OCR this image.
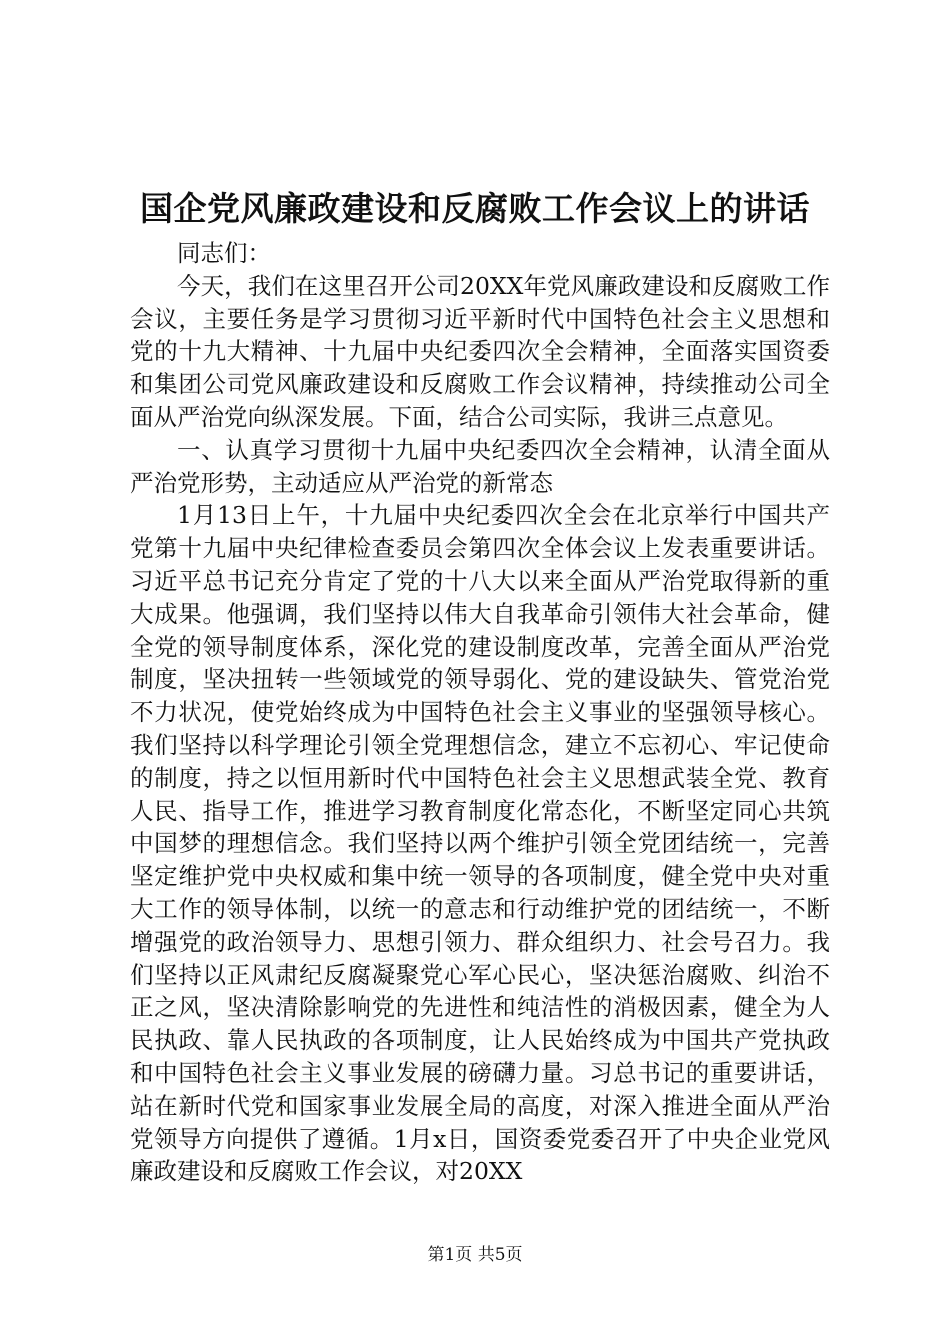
国企党风廉政建设和反腐败工作会议上的讲话

同志们：

今天，我们在这里召开公司20XX年党风廉政建设和反腐败工作会议，主要任务是学习贯彻习近平新时代中国特色社会主义思想和党的十九大精神、十九届中央纪委四次全会精神，全面落实国资委和集团公司党风廉政建设和反腐败工作会议精神，持续推动公司全面从严治党向纵深发展。下面，结合公司实际，我讲三点意见。

一、认真学习贯彻十九届中央纪委四次全会精神，认清全面从严治党形势，主动适应从严治党的新常态

1月13日上午，十九届中央纪委四次全会在北京举行中国共产党第十九届中央纪律检查委员会第四次全体会议上发表重要讲话。习近平总书记充分肯定了党的十八大以来全面从严治党取得新的重大成果。他强调，我们坚持以伟大自我革命引领伟大社会革命，健全党的领导制度体系，深化党的建设制度改革，完善全面从严治党制度，坚决扭转一些领域党的领导弱化、党的建设缺失、管党治党不力状况，使党始终成为中国特色社会主义事业的坚强领导核心。我们坚持以科学理论引领全党理想信念，建立不忘初心、牢记使命的制度，持之以恒用新时代中国特色社会主义思想武装全党、教育人民、指导工作，推进学习教育制度化常态化，不断坚定同心共筑中国梦的理想信念。我们坚持以两个维护引领全党团结统一，完善坚定维护党中央权威和集中统一领导的各项制度，健全党中央对重大工作的领导体制，以统一的意志和行动维护党的团结统一，不断增强党的政治领导力、思想引领力、群众组织力、社会号召力。我们坚持以正风肃纪反腐凝聚党心军心民心，坚决惩治腐败、纠治不正之风，坚决清除影响党的先进性和纯洁性的消极因素，健全为人民执政、靠人民执政的各项制度，让人民始终成为中国共产党执政和中国特色社会主义事业发展的磅礴力量。习总书记的重要讲话，站在新时代党和国家事业发展全局的高度，对深入推进全面从严治党领导方向提供了遵循。1月x日，国资委党委召开了中央企业党风廉政建设和反腐败工作会议，对20XX

第1页 共5页
